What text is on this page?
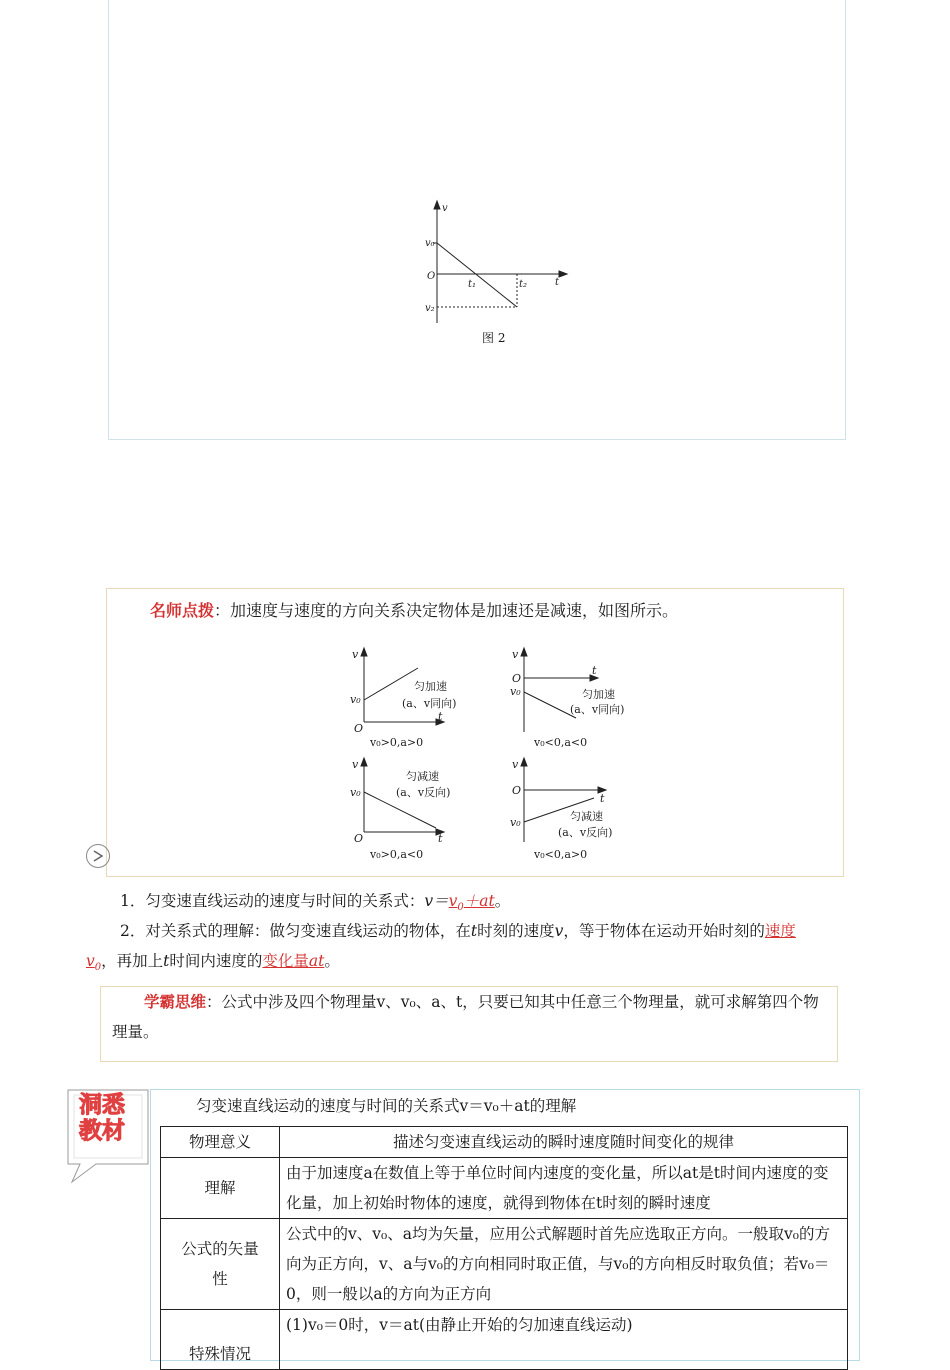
v
v₀
O
t₁	t₂	t
v₂
图 2
名师点拨：加速度与速度的方向关系决定物体是加速还是减速，如图所示。
v
v₀
O
t
匀加速
(a、v同向)
v₀>0,a>0
v
O
v₀
t
匀加速
(a、v同向)
v₀<0,a<0
v
v₀
O	t
匀减速
(a、v反向)
v₀>0,a<0
v
O
v₀
t
匀减速
(a、v反向)
v₀<0,a>0
1．匀变速直线运动的速度与时间的关系式：$v=v_0+at$。
2．对关系式的理解：做匀变速直线运动的物体，在t时刻的速度v，等于物体在运动开始时刻的速度
$v_0$，再加上t时间内速度的变化量at。
学霸思维：公式中涉及四个物理量v、v₀、a、t，只要已知其中任意三个物理量，就可求解第四个物理量。
洞悉
教材
匀变速直线运动的速度与时间的关系式v＝v₀＋at的理解
物理意义	描述匀变速直线运动的瞬时速度随时间变化的规律
理解	由于加速度a在数值上等于单位时间内速度的变化量，所以at是t时间内速度的变化量，加上初始时物体的速度，就得到物体在t时刻的瞬时速度
公式的矢量性	公式中的v、v₀、a均为矢量，应用公式解题时首先应选取正方向。一般取v₀的方向为正方向，v、a与v₀的方向相同时取正值，与v₀的方向相反时取负值；若v₀＝0，则一般以a的方向为正方向
特殊情况	(1)v₀＝0时，v＝at(由静止开始的匀加速直线运动)
